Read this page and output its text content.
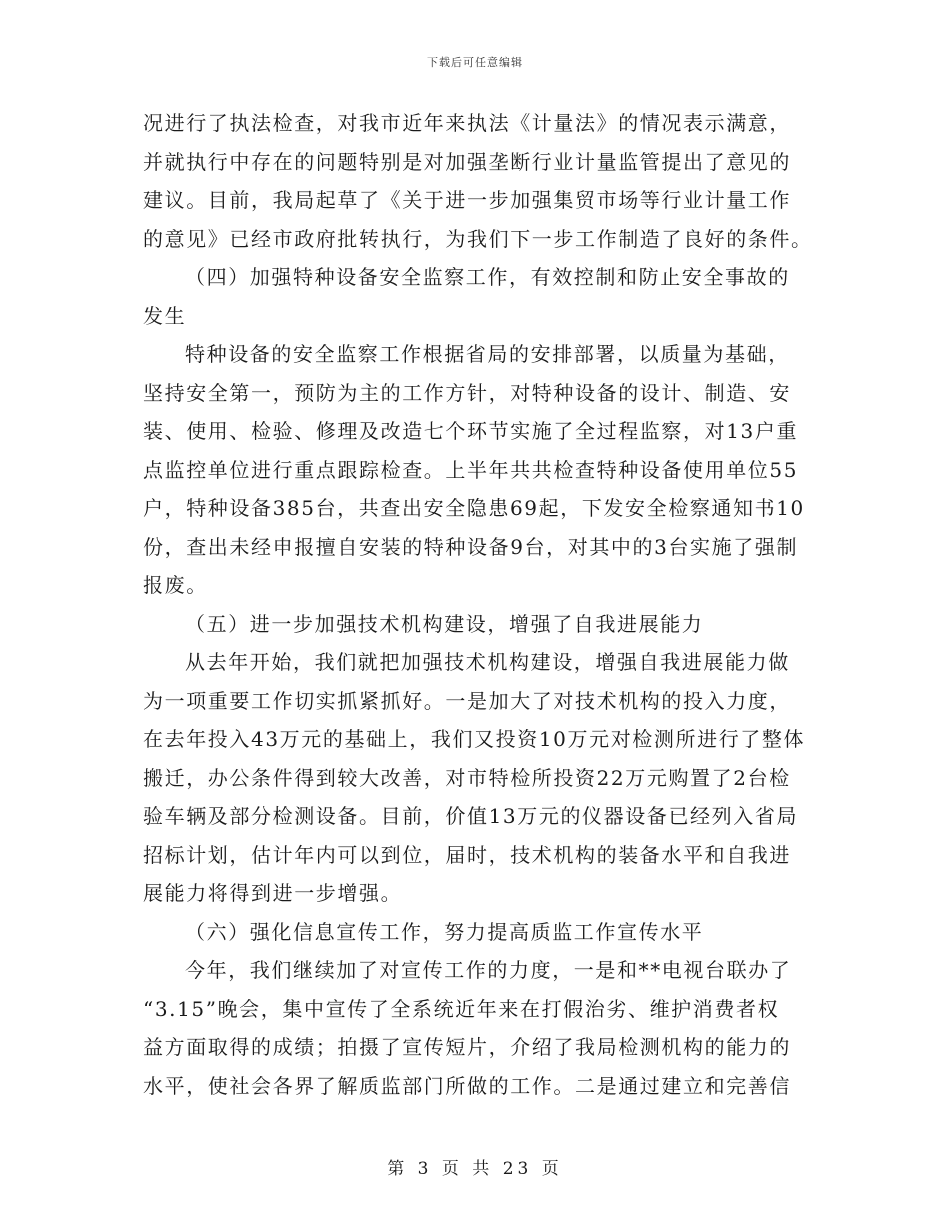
下载后可任意编辑
况进行了执法检查，对我市近年来执法《计量法》的情况表示满意，
并就执行中存在的问题特别是对加强垄断行业计量监管提出了意见的
建议。目前，我局起草了《关于进一步加强集贸市场等行业计量工作
的意见》已经市政府批转执行，为我们下一步工作制造了良好的条件。
（四）加强特种设备安全监察工作，有效控制和防止安全事故的
发生
特种设备的安全监察工作根据省局的安排部署，以质量为基础，
坚持安全第一，预防为主的工作方针，对特种设备的设计、制造、安
装、使用、检验、修理及改造七个环节实施了全过程监察，对13户重
点监控单位进行重点跟踪检查。上半年共共检查特种设备使用单位55
户，特种设备385台，共查出安全隐患69起，下发安全检察通知书10
份，查出未经申报擅自安装的特种设备9台，对其中的3台实施了强制
报废。
（五）进一步加强技术机构建设，增强了自我进展能力
从去年开始，我们就把加强技术机构建设，增强自我进展能力做
为一项重要工作切实抓紧抓好。一是加大了对技术机构的投入力度，
在去年投入43万元的基础上，我们又投资10万元对检测所进行了整体
搬迁，办公条件得到较大改善，对市特检所投资22万元购置了2台检
验车辆及部分检测设备。目前，价值13万元的仪器设备已经列入省局
招标计划，估计年内可以到位，届时，技术机构的装备水平和自我进
展能力将得到进一步增强。
（六）强化信息宣传工作，努力提高质监工作宣传水平
今年，我们继续加了对宣传工作的力度，一是和**电视台联办了
“3.15”晚会，集中宣传了全系统近年来在打假治劣、维护消费者权
益方面取得的成绩；拍摄了宣传短片，介绍了我局检测机构的能力的
水平，使社会各界了解质监部门所做的工作。二是通过建立和完善信
第 3 页 共 23 页
